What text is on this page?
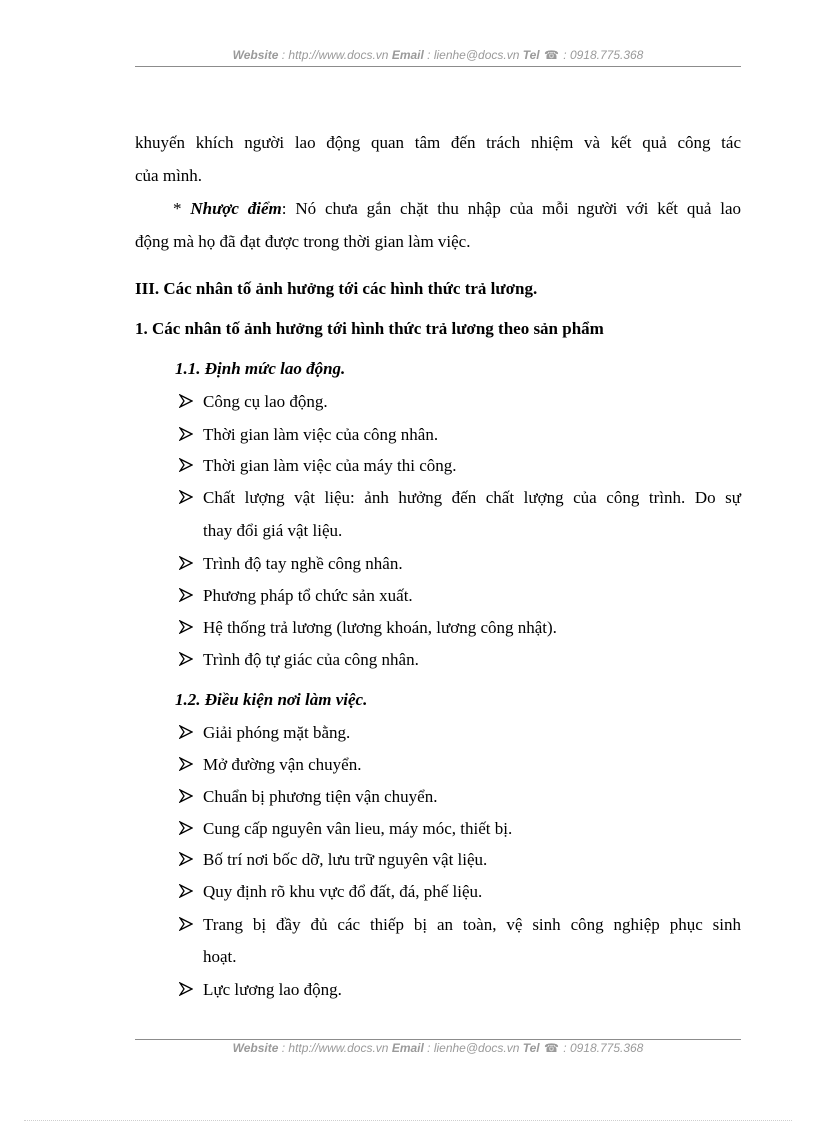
Website : http://www.docs.vn Email : lienhe@docs.vn Tel ☎ : 0918.775.368
khuyến khích người lao động quan tâm đến trách nhiệm và kết quả công tác
của mình.
* Nhược điểm: Nó chưa gắn chặt thu nhập của mỗi người với kết quả lao
động mà họ đã đạt được trong thời gian làm việc.
III. Các nhân tố ảnh hưởng tới các hình thức trả lương.
1. Các nhân tố ảnh hưởng tới hình thức trả lương theo sản phẩm
1.1. Định mức lao động.
Công cụ lao động.
Thời gian làm việc của công nhân.
Thời gian làm việc của máy thi công.
Chất lượng vật liệu: ảnh hưởng đến chất lượng của công trình. Do sự
thay đổi giá vật liệu.
Trình độ tay nghề công nhân.
Phương pháp tổ chức sản xuất.
Hệ thống trả lương (lương khoán, lương công nhật).
Trình độ tự giác của công nhân.
1.2. Điều kiện nơi làm việc.
Giải phóng mặt bằng.
Mở đường vận chuyển.
Chuẩn bị phương tiện vận chuyển.
Cung cấp nguyên vân lieu, máy móc, thiết bị.
Bố trí nơi bốc dỡ, lưu trữ nguyên vật liệu.
Quy định rõ khu vực đổ đất, đá, phế liệu.
Trang bị đầy đủ các thiếp bị an toàn, vệ sinh công nghiệp phục sinh
hoạt.
Lực lương lao động.
Website : http://www.docs.vn Email : lienhe@docs.vn Tel ☎ : 0918.775.368
